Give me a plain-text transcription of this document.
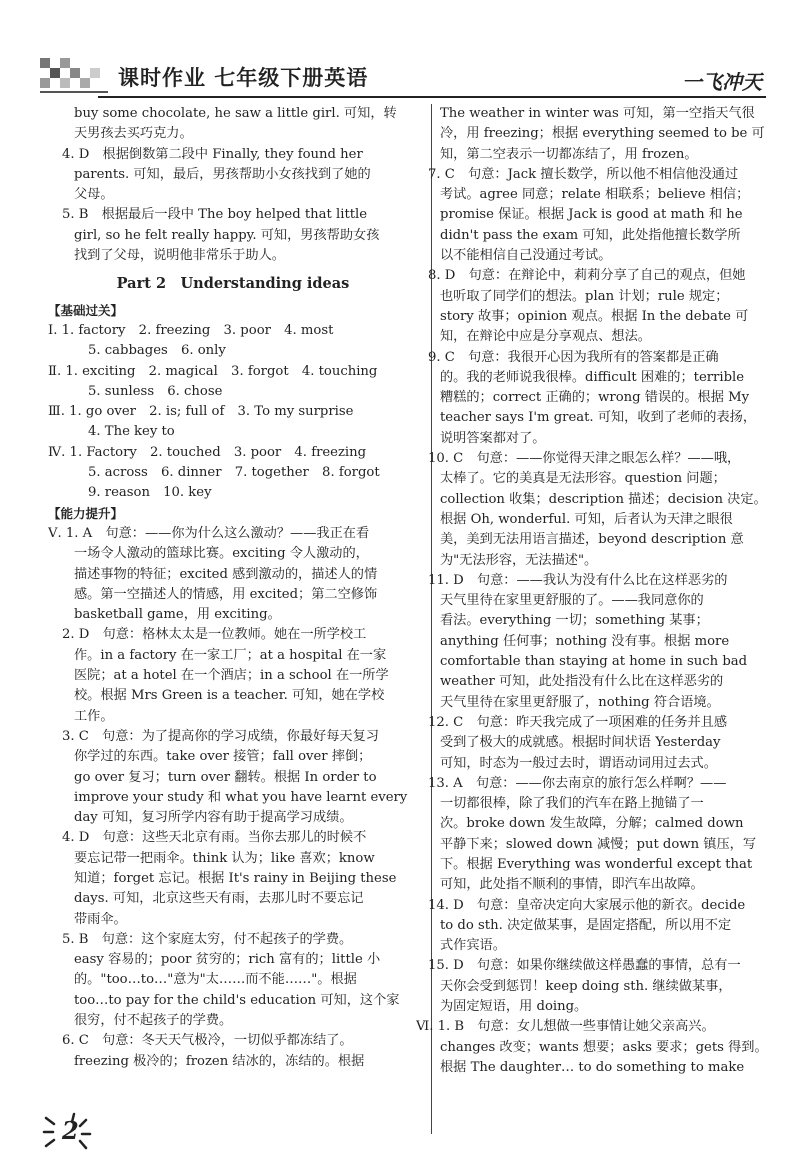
课时作业 七年级下册英语	一飞冲天
buy some chocolate, he saw a little girl. 可知，转
天男孩去买巧克力。
4. D　根据倒数第二段中 Finally, they found her
parents. 可知，最后，男孩帮助小女孩找到了她的
父母。
5. B　根据最后一段中 The boy helped that little
girl, so he felt really happy. 可知，男孩帮助女孩
找到了父母，说明他非常乐于助人。
Part 2　Understanding ideas
【基础过关】
Ⅰ. 1. factory　2. freezing　3. poor　4. most
5. cabbages　6. only
Ⅱ. 1. exciting　2. magical　3. forgot　4. touching
5. sunless　6. chose
Ⅲ. 1. go over　2. is; full of　3. To my surprise
4. The key to
Ⅳ. 1. Factory　2. touched　3. poor　4. freezing
5. across　6. dinner　7. together　8. forgot
9. reason　10. key
【能力提升】
Ⅴ. 1. A　句意：——你为什么这么激动？——我正在看
一场令人激动的篮球比赛。exciting 令人激动的，
描述事物的特征；excited 感到激动的，描述人的情
感。第一空描述人的情感，用 excited；第二空修饰
basketball game，用 exciting。
2. D　句意：格林太太是一位教师。她在一所学校工
作。in a factory 在一家工厂；at a hospital 在一家
医院；at a hotel 在一个酒店；in a school 在一所学
校。根据 Mrs Green is a teacher. 可知，她在学校
工作。
3. C　句意：为了提高你的学习成绩，你最好每天复习
你学过的东西。take over 接管；fall over 摔倒；
go over 复习；turn over 翻转。根据 In order to
improve your study 和 what you have learnt every
day 可知，复习所学内容有助于提高学习成绩。
4. D　句意：这些天北京有雨。当你去那儿的时候不
要忘记带一把雨伞。think 认为；like 喜欢；know
知道；forget 忘记。根据 It's rainy in Beijing these
days. 可知，北京这些天有雨，去那儿时不要忘记
带雨伞。
5. B　句意：这个家庭太穷，付不起孩子的学费。
easy 容易的；poor 贫穷的；rich 富有的；little 小
的。"too…to…"意为"太……而不能……"。根据
too…to pay for the child's education 可知，这个家
很穷，付不起孩子的学费。
6. C　句意：冬天天气极冷，一切似乎都冻结了。
freezing 极冷的；frozen 结冰的，冻结的。根据
The weather in winter was 可知，第一空指天气很
冷，用 freezing；根据 everything seemed to be 可
知，第二空表示一切都冻结了，用 frozen。
7. C　句意：Jack 擅长数学，所以他不相信他没通过
考试。agree 同意；relate 相联系；believe 相信；
promise 保证。根据 Jack is good at math 和 he
didn't pass the exam 可知，此处指他擅长数学所
以不能相信自己没通过考试。
8. D　句意：在辩论中，莉莉分享了自己的观点，但她
也听取了同学们的想法。plan 计划；rule 规定；
story 故事；opinion 观点。根据 In the debate 可
知，在辩论中应是分享观点、想法。
9. C　句意：我很开心因为我所有的答案都是正确
的。我的老师说我很棒。difficult 困难的；terrible
糟糕的；correct 正确的；wrong 错误的。根据 My
teacher says I'm great. 可知，收到了老师的表扬，
说明答案都对了。
10. C　句意：——你觉得天津之眼怎么样？——哦，
太棒了。它的美真是无法形容。question 问题；
collection 收集；description 描述；decision 决定。
根据 Oh, wonderful. 可知，后者认为天津之眼很
美，美到无法用语言描述，beyond description 意
为"无法形容，无法描述"。
11. D　句意：——我认为没有什么比在这样恶劣的
天气里待在家里更舒服的了。——我同意你的
看法。everything 一切；something 某事；
anything 任何事；nothing 没有事。根据 more
comfortable than staying at home in such bad
weather 可知，此处指没有什么比在这样恶劣的
天气里待在家里更舒服了，nothing 符合语境。
12. C　句意：昨天我完成了一项困难的任务并且感
受到了极大的成就感。根据时间状语 Yesterday
可知，时态为一般过去时，谓语动词用过去式。
13. A　句意：——你去南京的旅行怎么样啊？——
一切都很棒，除了我们的汽车在路上抛锚了一
次。broke down 发生故障，分解；calmed down
平静下来；slowed down 减慢；put down 镇压，写
下。根据 Everything was wonderful except that
可知，此处指不顺利的事情，即汽车出故障。
14. D　句意：皇帝决定向大家展示他的新衣。decide
to do sth. 决定做某事，是固定搭配，所以用不定
式作宾语。
15. D　句意：如果你继续做这样愚蠢的事情，总有一
天你会受到惩罚！keep doing sth. 继续做某事，
为固定短语，用 doing。
Ⅵ. 1. B　句意：女儿想做一些事情让她父亲高兴。
changes 改变；wants 想要；asks 要求；gets 得到。
根据 The daughter… to do something to make
2
